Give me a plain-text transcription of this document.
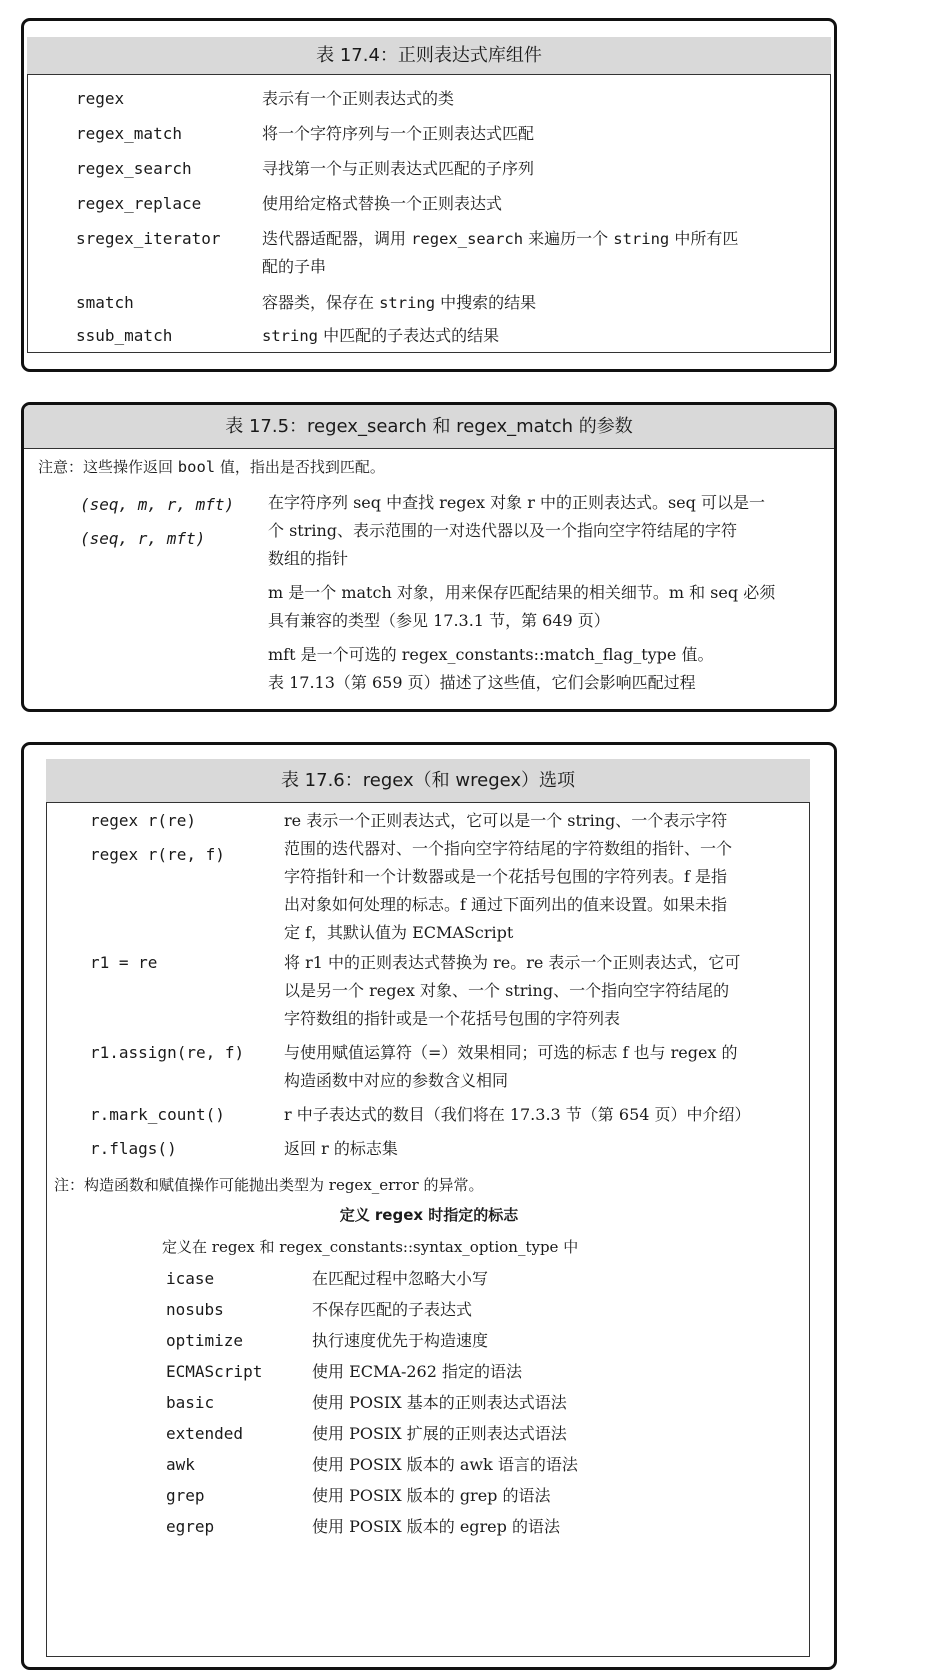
表 17.4：正则表达式库组件
regex	表示有一个正则表达式的类
regex_match	将一个字符序列与一个正则表达式匹配
regex_search	寻找第一个与正则表达式匹配的子序列
regex_replace	使用给定格式替换一个正则表达式
sregex_iterator	迭代器适配器，调用 regex_search 来遍历一个 string 中所有匹
配的子串
smatch	容器类，保存在 string 中搜索的结果
ssub_match	string 中匹配的子表达式的结果
表 17.5：regex_search 和 regex_match 的参数
注意：这些操作返回 bool 值，指出是否找到匹配。
(seq, m, r, mft)
(seq, r, mft)
在字符序列 seq 中查找 regex 对象 r 中的正则表达式。seq 可以是一
个 string、表示范围的一对迭代器以及一个指向空字符结尾的字符
数组的指针
m 是一个 match 对象，用来保存匹配结果的相关细节。m 和 seq 必须
具有兼容的类型（参见 17.3.1 节，第 649 页）
mft 是一个可选的 regex_constants::match_flag_type 值。
表 17.13（第 659 页）描述了这些值，它们会影响匹配过程
表 17.6：regex（和 wregex）选项
regex r(re)
regex r(re, f)
re 表示一个正则表达式，它可以是一个 string、一个表示字符
范围的迭代器对、一个指向空字符结尾的字符数组的指针、一个
字符指针和一个计数器或是一个花括号包围的字符列表。f 是指
出对象如何处理的标志。f 通过下面列出的值来设置。如果未指
定 f，其默认值为 ECMAScript
r1 = re	将 r1 中的正则表达式替换为 re。re 表示一个正则表达式，它可
以是另一个 regex 对象、一个 string、一个指向空字符结尾的
字符数组的指针或是一个花括号包围的字符列表
r1.assign(re, f) 与使用赋值运算符（=）效果相同；可选的标志 f 也与 regex 的
构造函数中对应的参数含义相同
r.mark_count()	r 中子表达式的数目（我们将在 17.3.3 节（第 654 页）中介绍）
r.flags()	返回 r 的标志集
注：构造函数和赋值操作可能抛出类型为 regex_error 的异常。
定义 regex 时指定的标志
定义在 regex 和 regex_constants::syntax_option_type 中
icase	在匹配过程中忽略大小写
nosubs	不保存匹配的子表达式
optimize	执行速度优先于构造速度
ECMAScript	使用 ECMA-262 指定的语法
basic	使用 POSIX 基本的正则表达式语法
extended	使用 POSIX 扩展的正则表达式语法
awk	使用 POSIX 版本的 awk 语言的语法
grep	使用 POSIX 版本的 grep 的语法
egrep	使用 POSIX 版本的 egrep 的语法
